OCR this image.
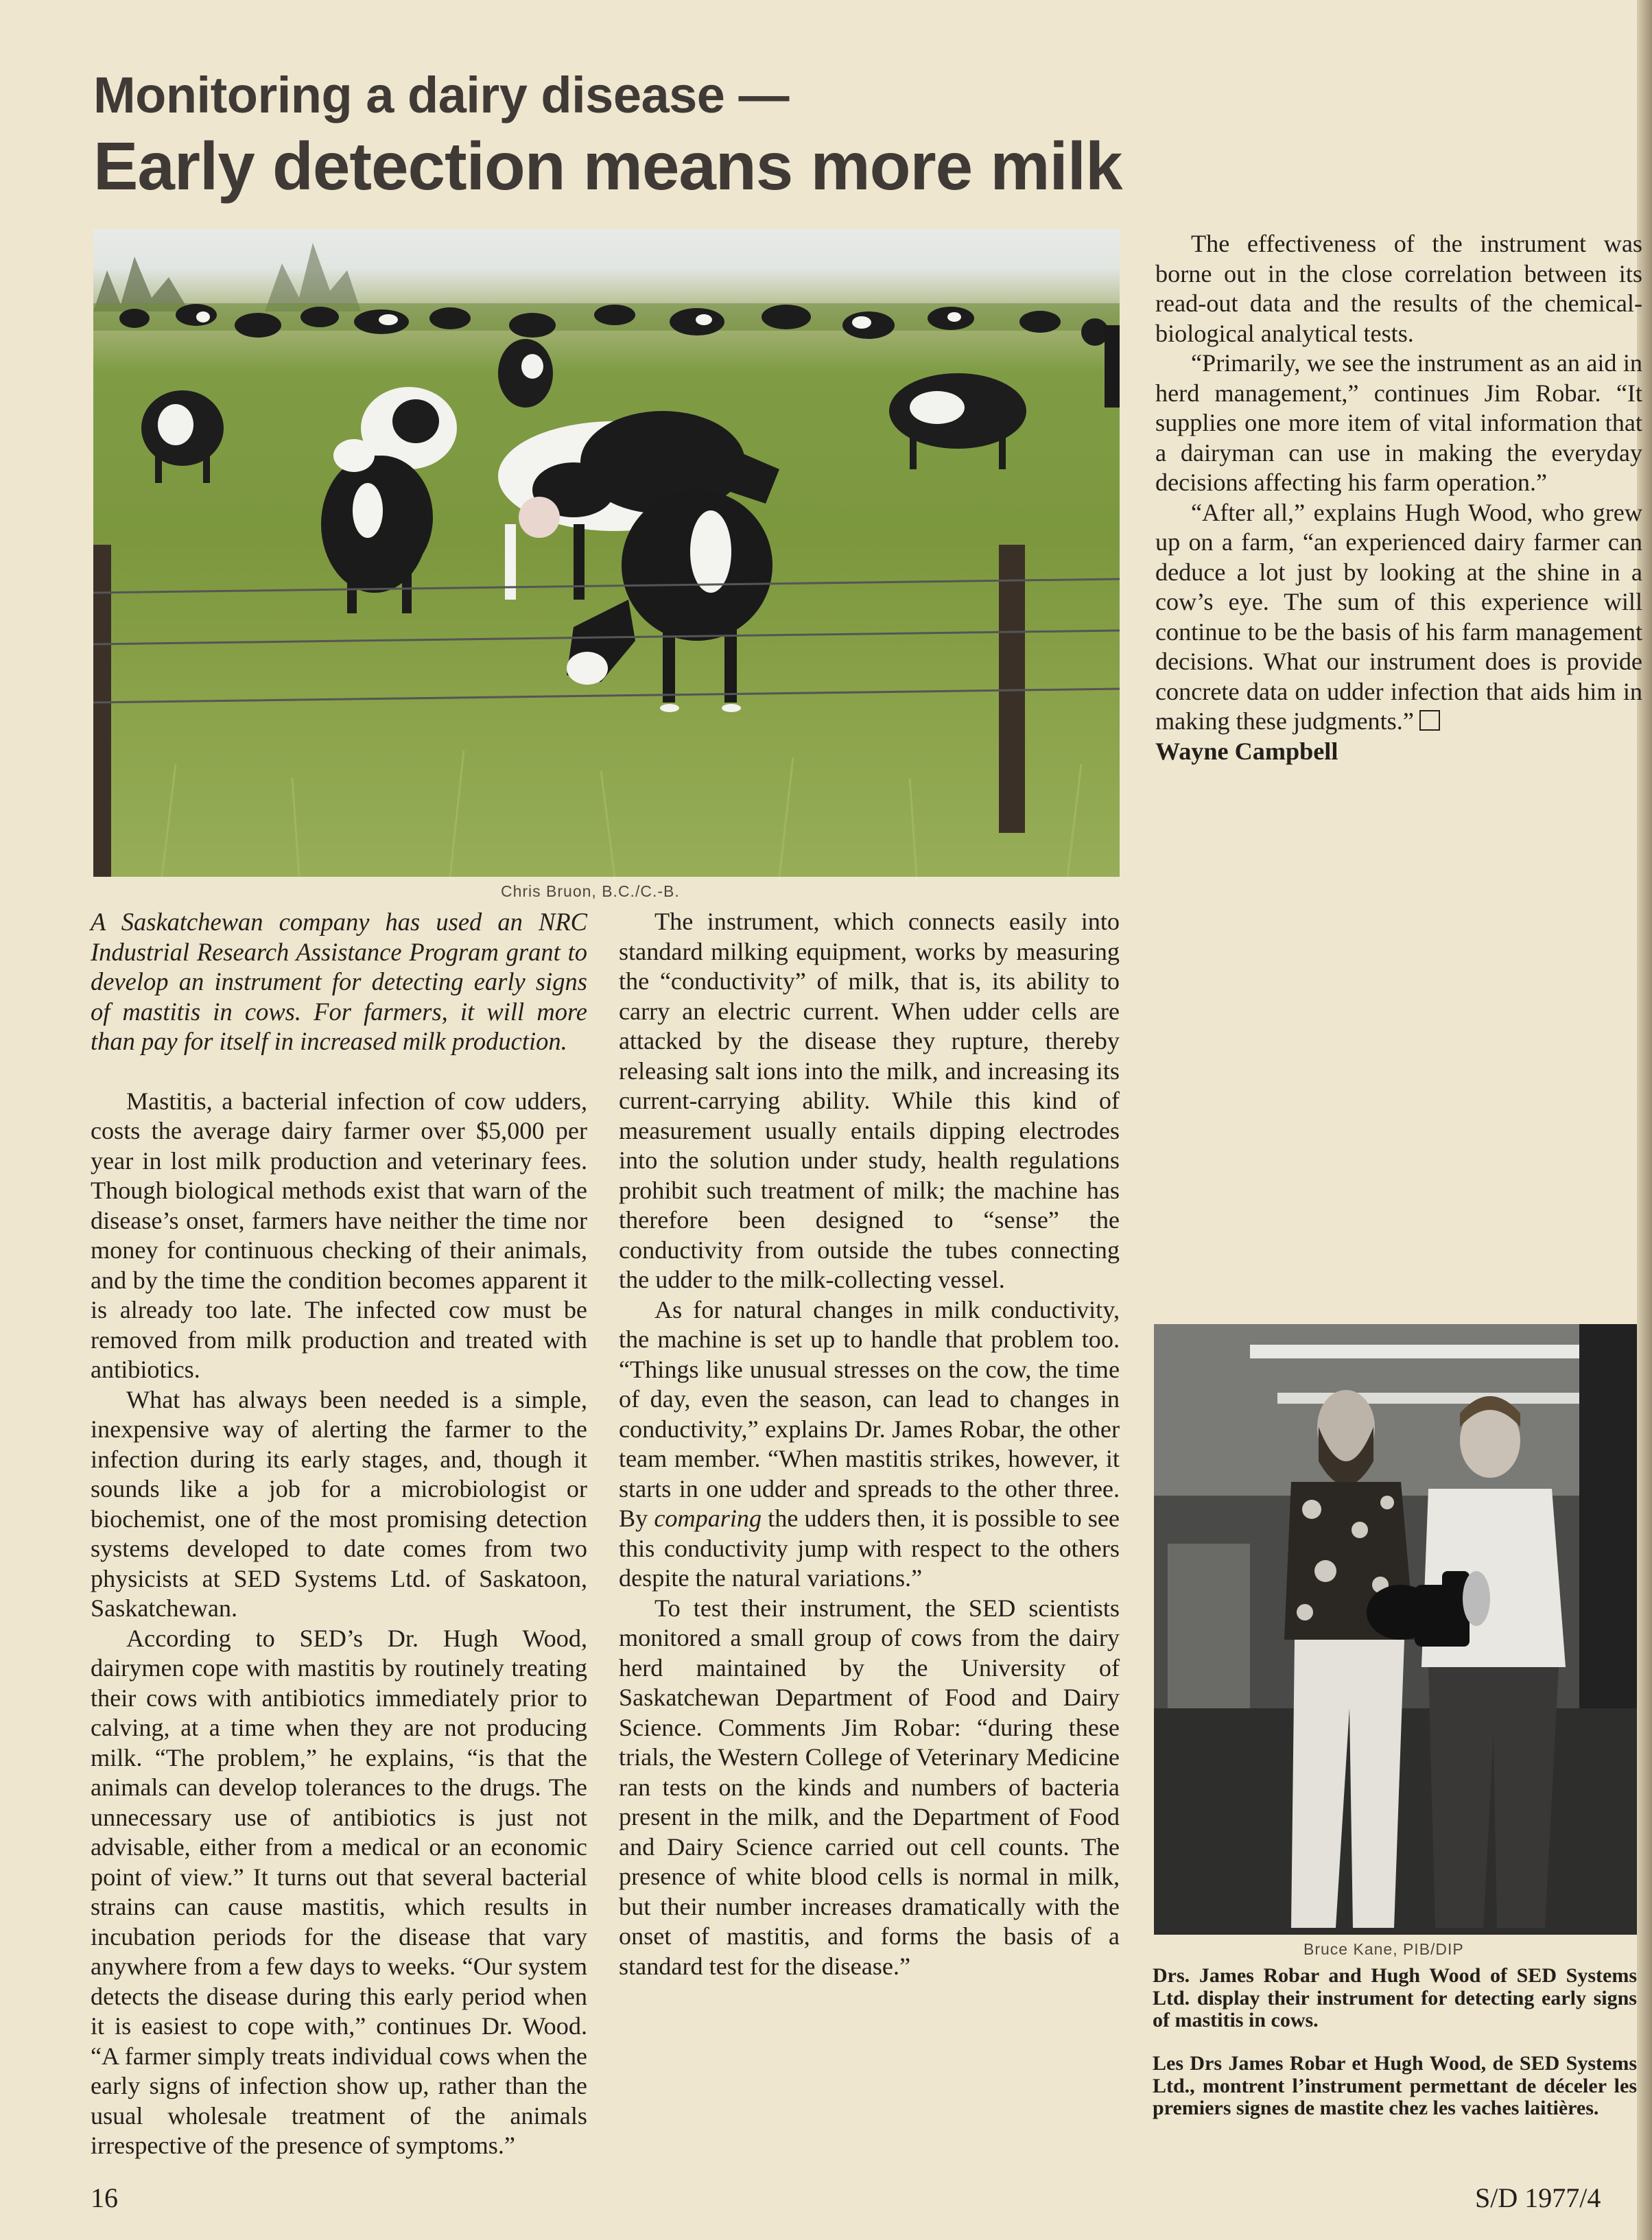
Monitoring a dairy disease —
Early detection means more milk
Chris Bruon, B.C./C.-B.

A Saskatchewan company has used an NRC Industrial Research Assistance Program grant to develop an instrument for detecting early signs of mastitis in cows. For farmers, it will more than pay for itself in increased milk production.

Mastitis, a bacterial infection of cow udders, costs the average dairy farmer over $5,000 per year in lost milk production and veterinary fees. Though biological methods exist that warn of the disease’s onset, farmers have neither the time nor money for continuous checking of their animals, and by the time the condition becomes apparent it is already too late. The infected cow must be removed from milk production and treated with antibiotics.

What has always been needed is a simple, inexpensive way of alerting the farmer to the infection during its early stages, and, though it sounds like a job for a microbiologist or biochemist, one of the most promising detection systems developed to date comes from two physicists at SED Systems Ltd. of Saskatoon, Saskatchewan.

According to SED’s Dr. Hugh Wood, dairymen cope with mastitis by routinely treating their cows with antibiotics immediately prior to calving, at a time when they are not producing milk. “The problem,” he explains, “is that the animals can develop tolerances to the drugs. The unnecessary use of antibiotics is just not advisable, either from a medical or an economic point of view.” It turns out that several bacterial strains can cause mastitis, which results in incubation periods for the disease that vary anywhere from a few days to weeks. “Our system detects the disease during this early period when it is easiest to cope with,” continues Dr. Wood. “A farmer simply treats individual cows when the early signs of infection show up, rather than the usual wholesale treatment of the animals irrespective of the presence of symptoms.”

The instrument, which connects easily into standard milking equipment, works by measuring the “conductivity” of milk, that is, its ability to carry an electric current. When udder cells are attacked by the disease they rupture, thereby releasing salt ions into the milk, and increasing its current-carrying ability. While this kind of measurement usually entails dipping electrodes into the solution under study, health regulations prohibit such treatment of milk; the machine has therefore been designed to “sense” the conductivity from outside the tubes connecting the udder to the milk-collecting vessel.

As for natural changes in milk conductivity, the machine is set up to handle that problem too. “Things like unusual stresses on the cow, the time of day, even the season, can lead to changes in conductivity,” explains Dr. James Robar, the other team member. “When mastitis strikes, however, it starts in one udder and spreads to the other three. By comparing the udders then, it is possible to see this conductivity jump with respect to the others despite the natural variations.”

To test their instrument, the SED scientists monitored a small group of cows from the dairy herd maintained by the University of Saskatchewan Department of Food and Dairy Science. Comments Jim Robar: “during these trials, the Western College of Veterinary Medicine ran tests on the kinds and numbers of bacteria present in the milk, and the Department of Food and Dairy Science carried out cell counts. The presence of white blood cells is normal in milk, but their number increases dramatically with the onset of mastitis, and forms the basis of a standard test for the disease.”

The effectiveness of the instrument was borne out in the close correlation between its read-out data and the results of the chemical-biological analytical tests.

“Primarily, we see the instrument as an aid in herd management,” continues Jim Robar. “It supplies one more item of vital information that a dairyman can use in making the everyday decisions affecting his farm operation.”

“After all,” explains Hugh Wood, who grew up on a farm, “an experienced dairy farmer can deduce a lot just by looking at the shine in a cow’s eye. The sum of this experience will continue to be the basis of his farm management decisions. What our instrument does is provide concrete data on udder infection that aids him in making these judgments.”

Wayne Campbell

Bruce Kane, PIB/DIP
Drs. James Robar and Hugh Wood of SED Systems Ltd. display their instrument for detecting early signs of mastitis in cows.
Les Drs James Robar et Hugh Wood, de SED Systems Ltd., montrent l’instrument permettant de déceler les premiers signes de mastite chez les vaches laitières.
16	S/D 1977/4
